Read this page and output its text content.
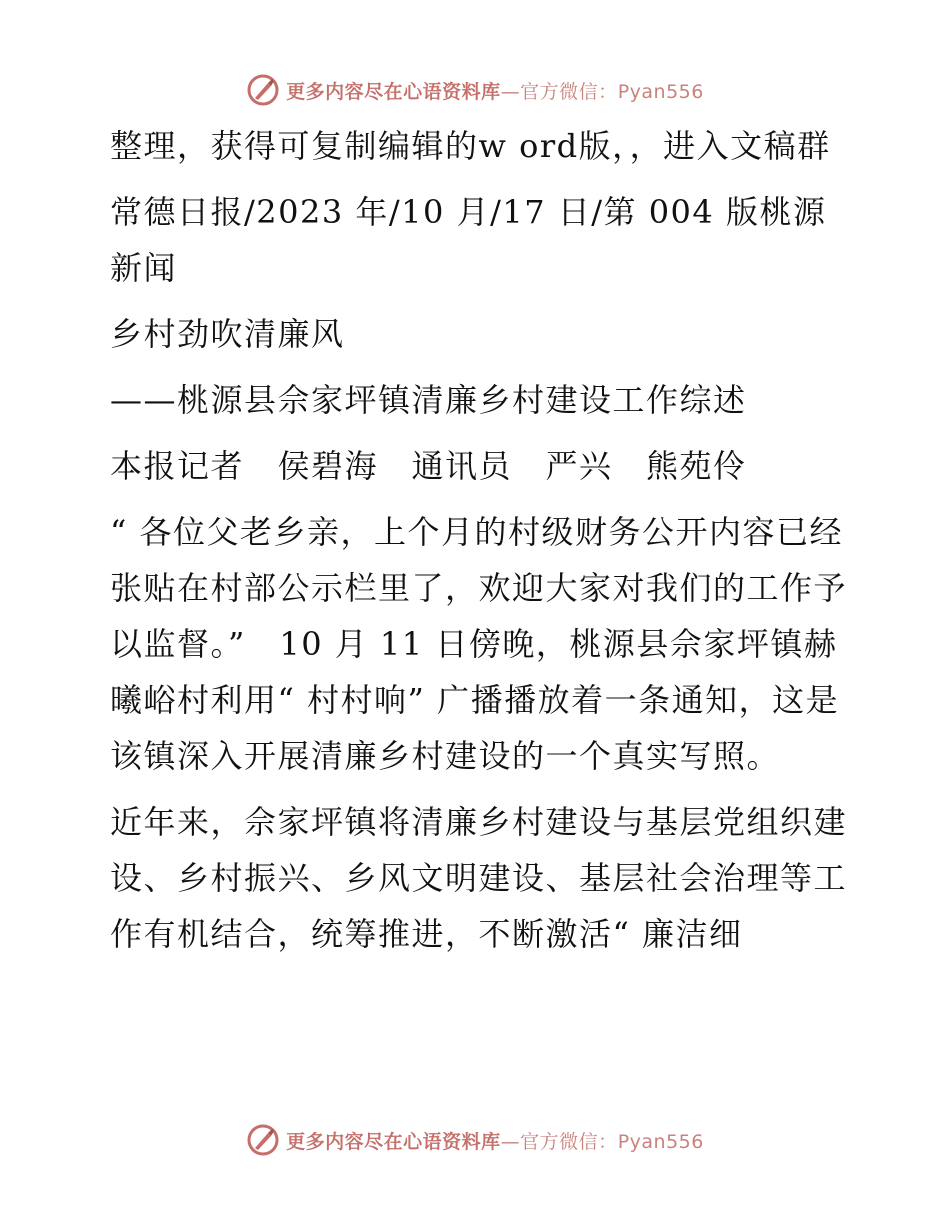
更多内容尽在心语资料库—官方微信：Pyan556

整理，获得可复制编辑的w ord版，，进入文稿群

常德日报/2023 年/10 月/17 日/第 004 版桃源新闻

乡村劲吹清廉风

——桃源县佘家坪镇清廉乡村建设工作综述

本报记者　侯碧海　通讯员　严兴　熊苑伶

“ 各位父老乡亲，上个月的村级财务公开内容已经张贴在村部公示栏里了，欢迎大家对我们的工作予以监督。”　10 月 11 日傍晚，桃源县佘家坪镇赫曦峪村利用“ 村村响” 广播播放着一条通知，这是该镇深入开展清廉乡村建设的一个真实写照。

近年来，佘家坪镇将清廉乡村建设与基层党组织建设、乡村振兴、乡风文明建设、基层社会治理等工作有机结合，统筹推进，不断激活“ 廉洁细

更多内容尽在心语资料库—官方微信：Pyan556
